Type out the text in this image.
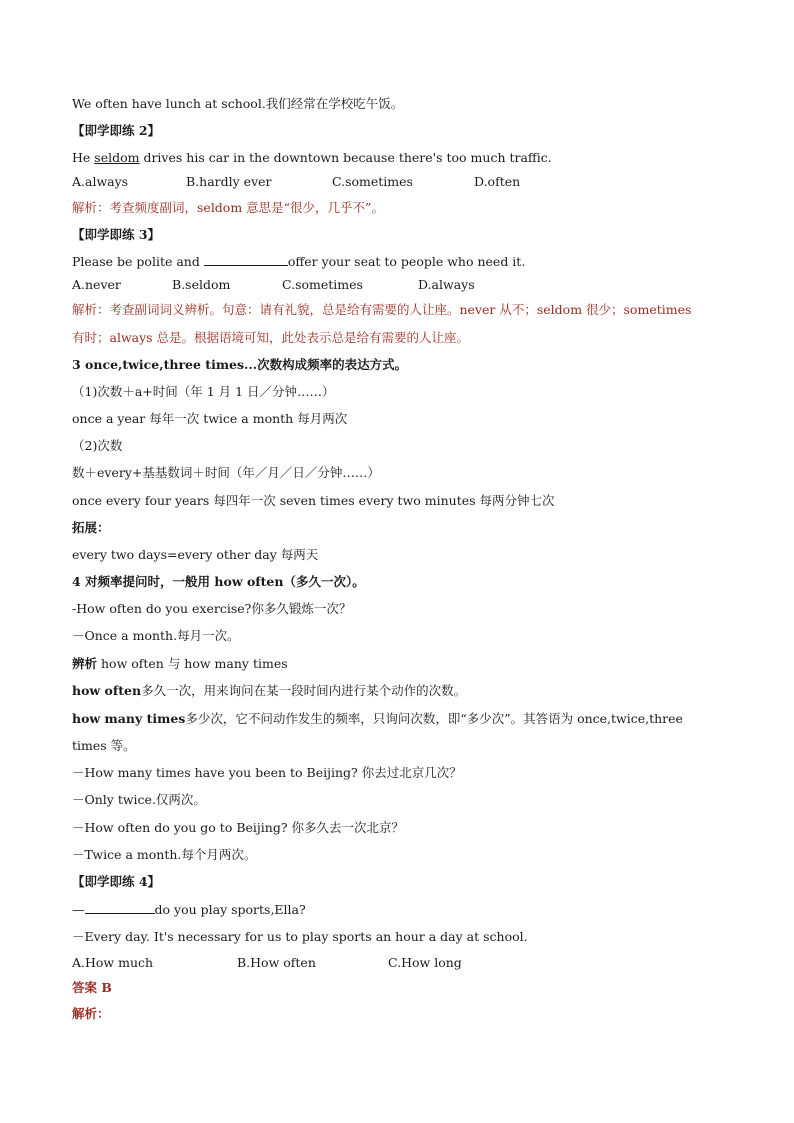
We often have lunch at school.我们经常在学校吃午饭。
【即学即练 2】
He seldom drives his car in the downtown because there's too much traffic.
A.always	B.hardly ever	C.sometimes	D.often
解析：考查频度副词，seldom 意思是“很少，几乎不”。
【即学即练 3】
Please be polite and	offer your seat to people who need it.
A.never	B.seldom	C.sometimes	D.always
解析：考查副词词义辨析。句意：请有礼貌，总是给有需要的人让座。never 从不；seldom 很少；sometimes
有时；always 总是。根据语境可知，此处表示总是给有需要的人让座。
3 once,twice,three times...次数构成频率的表达方式。
（1)次数＋a+时间（年 1 月 1 日／分钟……）
once a year 每年一次 twice a month 每月两次
（2)次数
数＋every+基基数词＋时间（年／月／日／分钟……）
once every four years 每四年一次 seven times every two minutes 每两分钟七次
拓展：
every two days=every other day 每两天
4 对频率提问时，一般用 how often（多久一次）。
-How often do you exercise?你多久锻炼一次？
－Once a month.每月一次。
辨析 how often 与 how many times
how often多久一次，用来询问在某一段时间内进行某个动作的次数。
how many times多少次，它不问动作发生的频率，只询问次数，即“多少次”。其答语为 once,twice,three
times 等。
－How many times have you been to Beijing? 你去过北京几次？
－Only twice.仅两次。
－How often do you go to Beijing? 你多久去一次北京？
－Twice a month.每个月两次。
【即学即练 4】
—	do you play sports,Ella?
－Every day. It's necessary for us to play sports an hour a day at school.
A.How much	B.How often	C.How long
答案 B
解析：
